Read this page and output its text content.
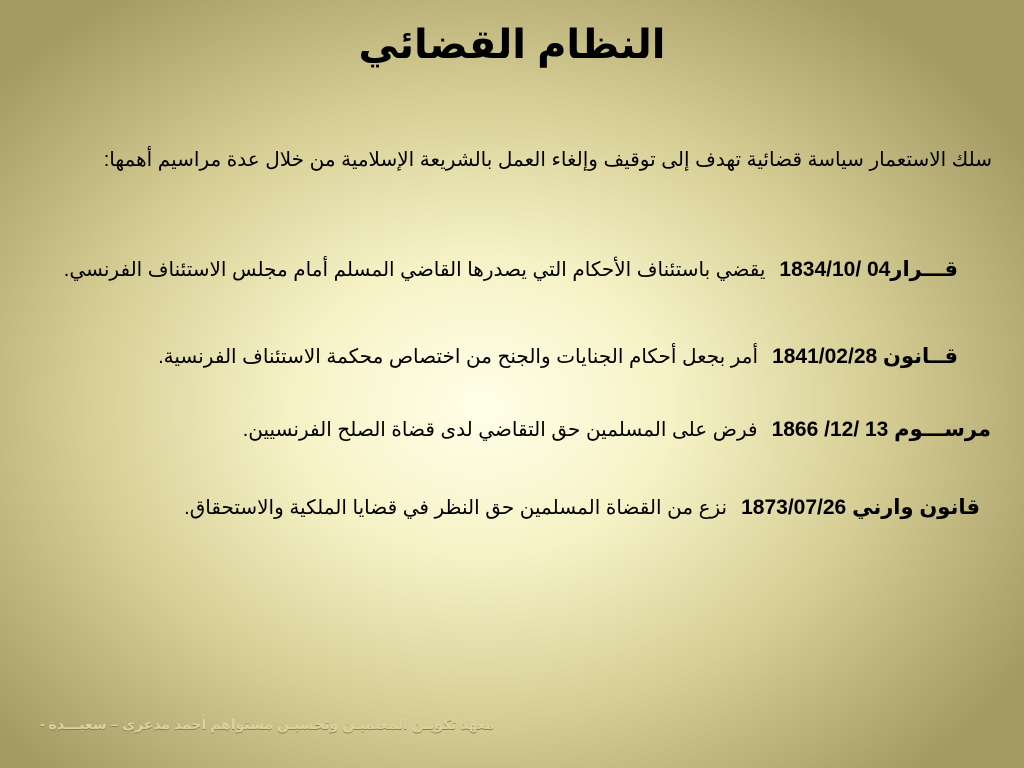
النظام القضائي
سلك الاستعمار سياسة قضائية تهدف إلى توقيف وإلغاء العمل بالشريعة الإسلامية من خلال عدة مراسيم أهمها:
قـــرار04 /1834/10يقضي باستئناف الأحكام التي يصدرها القاضي المسلم أمام مجلس الاستئناف الفرنسي.
قــانون 1841/02/28أمر بجعل أحكام الجنايات والجنح من اختصاص محكمة الاستئناف الفرنسية.
مرســـوم 13 /12/ 1866فرض على المسلمين حق التقاضي لدى قضاة الصلح الفرنسيين.
قانون وارني 1873/07/26نزع من القضاة المسلمين حق النظر في قضايا الملكية والاستحقاق.
معهد تكويـن المعلميـن وتحسيـن مستواهم أحمد مدغري – سعيـــدة -
